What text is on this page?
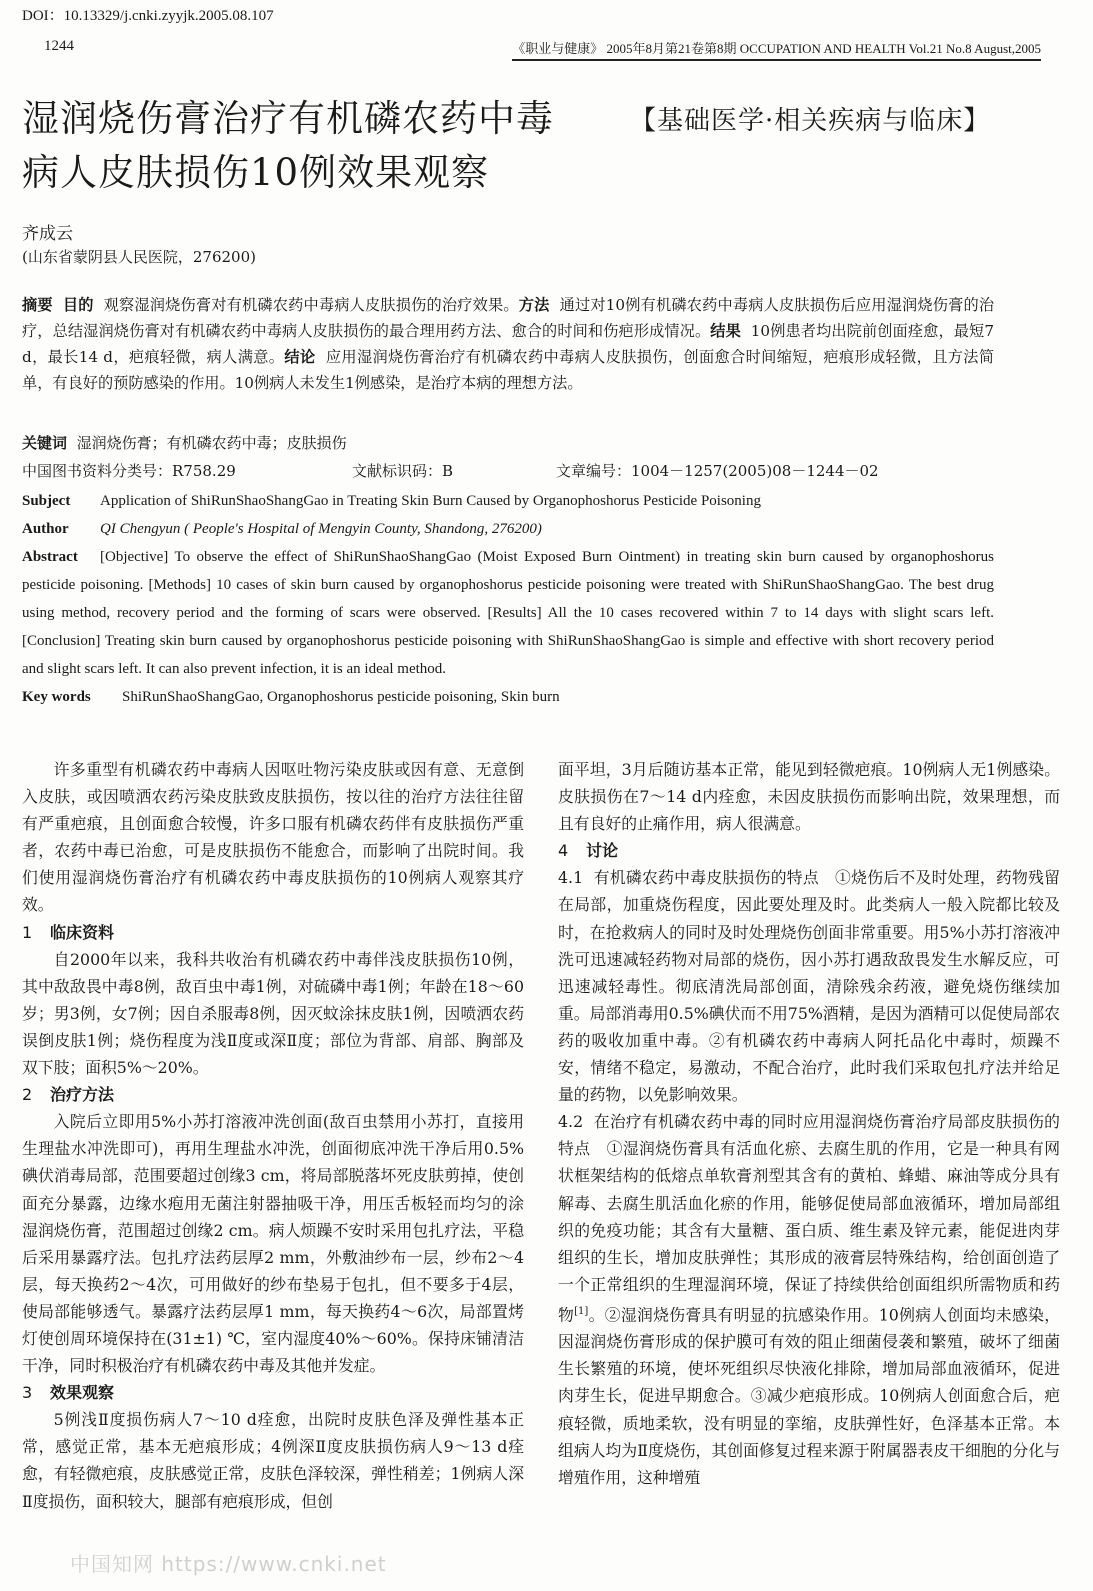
DOI：10.13329/j.cnki.zyyjk.2005.08.107
1244	《职业与健康》 2005年8月第21卷第8期 OCCUPATION AND HEALTH Vol.21 No.8 August,2005
湿润烧伤膏治疗有机磷农药中毒
病人皮肤损伤10例效果观察
【基础医学·相关疾病与临床】
齐成云
(山东省蒙阴县人民医院，276200)

摘要 目的 观察湿润烧伤膏对有机磷农药中毒病人皮肤损伤的治疗效果。方法 通过对10例有机磷农药中毒病人皮肤损伤后应用湿润烧伤膏的治疗，总结湿润烧伤膏对有机磷农药中毒病人皮肤损伤的最合理用药方法、愈合的时间和伤疤形成情况。结果 10例患者均出院前创面痊愈，最短7 d，最长14 d，疤痕轻微，病人满意。结论 应用湿润烧伤膏治疗有机磷农药中毒病人皮肤损伤，创面愈合时间缩短，疤痕形成轻微，且方法简单，有良好的预防感染的作用。10例病人未发生1例感染，是治疗本病的理想方法。

关键词 湿润烧伤膏；有机磷农药中毒；皮肤损伤
中国图书资料分类号：R758.29	文献标识码：B	文章编号：1004－1257(2005)08－1244－02

Subject Application of ShiRunShaoShangGao in Treating Skin Burn Caused by Organophoshorus Pesticide Poisoning

Author QI Chengyun ( People's Hospital of Mengyin County, Shandong, 276200)

Abstract [Objective] To observe the effect of ShiRunShaoShangGao (Moist Exposed Burn Ointment) in treating skin burn caused by organophoshorus pesticide poisoning. [Methods] 10 cases of skin burn caused by organophoshorus pesticide poisoning were treated with ShiRunShaoShangGao. The best drug using method, recovery period and the forming of scars were observed. [Results] All the 10 cases recovered within 7 to 14 days with slight scars left. [Conclusion] Treating skin burn caused by organophoshorus pesticide poisoning with ShiRunShaoShangGao is simple and effective with short recovery period and slight scars left. It can also prevent infection, it is an ideal method.

Key words ShiRunShaoShangGao, Organophoshorus pesticide poisoning, Skin burn

许多重型有机磷农药中毒病人因呕吐物污染皮肤或因有意、无意倒入皮肤，或因喷洒农药污染皮肤致皮肤损伤，按以往的治疗方法往往留有严重疤痕，且创面愈合较慢，许多口服有机磷农药伴有皮肤损伤严重者，农药中毒已治愈，可是皮肤损伤不能愈合，而影响了出院时间。我们使用湿润烧伤膏治疗有机磷农药中毒皮肤损伤的10例病人观察其疗效。

1 临床资料

自2000年以来，我科共收治有机磷农药中毒伴浅皮肤损伤10例，其中敌敌畏中毒8例，敌百虫中毒1例，对硫磷中毒1例；年龄在18～60岁；男3例，女7例；因自杀服毒8例，因灭蚊涂抹皮肤1例，因喷洒农药误倒皮肤1例；烧伤程度为浅Ⅱ度或深Ⅱ度；部位为背部、肩部、胸部及双下肢；面积5%～20%。

2 治疗方法

入院后立即用5%小苏打溶液冲洗创面(敌百虫禁用小苏打，直接用生理盐水冲洗即可)，再用生理盐水冲洗，创面彻底冲洗干净后用0.5%碘伏消毒局部，范围要超过创缘3 cm，将局部脱落坏死皮肤剪掉，使创面充分暴露，边缘水疱用无菌注射器抽吸干净，用压舌板轻而均匀的涂湿润烧伤膏，范围超过创缘2 cm。病人烦躁不安时采用包扎疗法，平稳后采用暴露疗法。包扎疗法药层厚2 mm，外敷油纱布一层，纱布2～4层，每天换药2～4次，可用做好的纱布垫易于包扎，但不要多于4层，使局部能够透气。暴露疗法药层厚1 mm，每天换药4～6次，局部置烤灯使创周环境保持在(31±1) ℃，室内湿度40%～60%。保持床铺清洁干净，同时积极治疗有机磷农药中毒及其他并发症。

3 效果观察

5例浅Ⅱ度损伤病人7～10 d痊愈，出院时皮肤色泽及弹性基本正常，感觉正常，基本无疤痕形成；4例深Ⅱ度皮肤损伤病人9～13 d痊愈，有轻微疤痕，皮肤感觉正常，皮肤色泽较深，弹性稍差；1例病人深Ⅱ度损伤，面积较大，腿部有疤痕形成，但创

面平坦，3月后随访基本正常，能见到轻微疤痕。10例病人无1例感染。皮肤损伤在7～14 d内痊愈，未因皮肤损伤而影响出院，效果理想，而且有良好的止痛作用，病人很满意。

4 讨论

4.1 有机磷农药中毒皮肤损伤的特点　①烧伤后不及时处理，药物残留在局部，加重烧伤程度，因此要处理及时。此类病人一般入院都比较及时，在抢救病人的同时及时处理烧伤创面非常重要。用5%小苏打溶液冲洗可迅速减轻药物对局部的烧伤，因小苏打遇敌敌畏发生水解反应，可迅速减轻毒性。彻底清洗局部创面，清除残余药液，避免烧伤继续加重。局部消毒用0.5%碘伏而不用75%酒精，是因为酒精可以促使局部农药的吸收加重中毒。②有机磷农药中毒病人阿托品化中毒时，烦躁不安，情绪不稳定，易激动，不配合治疗，此时我们采取包扎疗法并给足量的药物，以免影响效果。

4.2 在治疗有机磷农药中毒的同时应用湿润烧伤膏治疗局部皮肤损伤的特点　①湿润烧伤膏具有活血化瘀、去腐生肌的作用，它是一种具有网状框架结构的低熔点单软膏剂型其含有的黄柏、蜂蜡、麻油等成分具有解毒、去腐生肌活血化瘀的作用，能够促使局部血液循环，增加局部组织的免疫功能；其含有大量糖、蛋白质、维生素及锌元素，能促进肉芽组织的生长，增加皮肤弹性；其形成的液膏层特殊结构，给创面创造了一个正常组织的生理湿润环境，保证了持续供给创面组织所需物质和药物[1]。②湿润烧伤膏具有明显的抗感染作用。10例病人创面均未感染，因湿润烧伤膏形成的保护膜可有效的阻止细菌侵袭和繁殖，破坏了细菌生长繁殖的环境，使坏死组织尽快液化排除，增加局部血液循环，促进肉芽生长，促进早期愈合。③减少疤痕形成。10例病人创面愈合后，疤痕轻微，质地柔软，没有明显的挛缩，皮肤弹性好，色泽基本正常。本组病人均为Ⅱ度烧伤，其创面修复过程来源于附属器表皮干细胞的分化与增殖作用，这种增殖

中国知网 https://www.cnki.net
